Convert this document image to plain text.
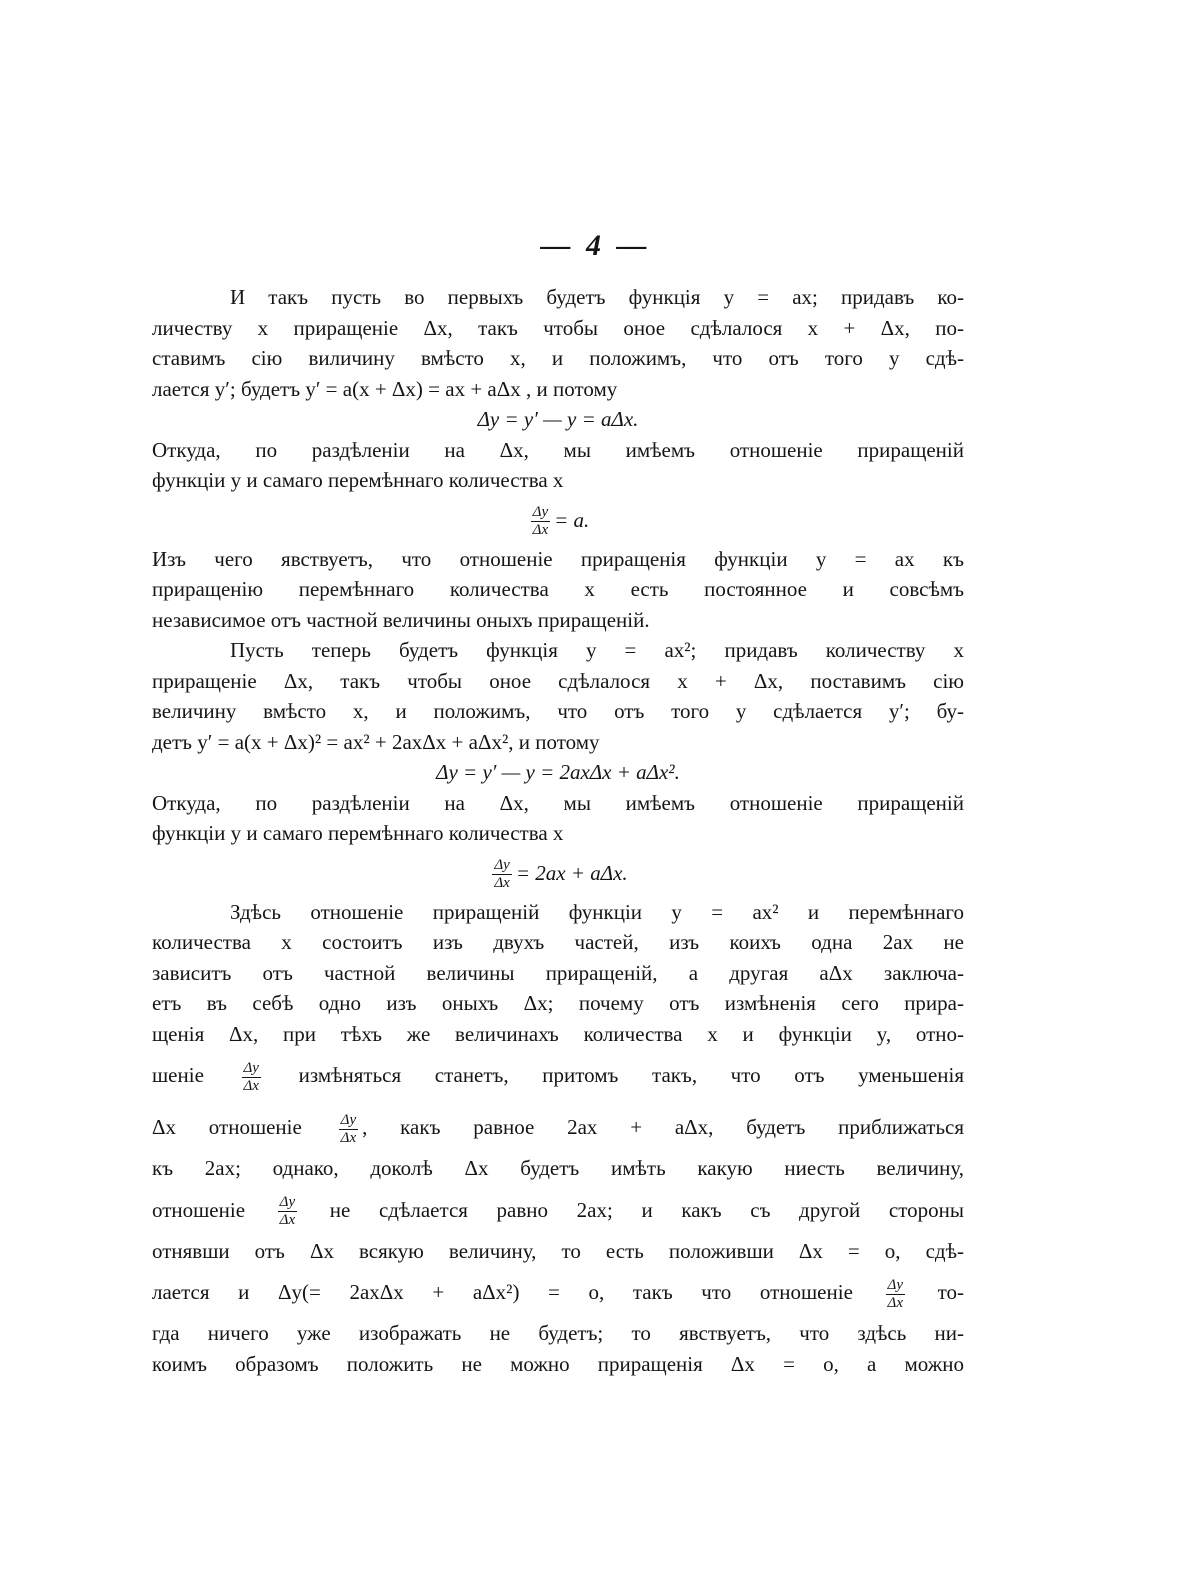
— 4 —

И такъ пусть во первыхъ будетъ функція y = ax; придавъ ко-
личеству x приращеніе Δx, такъ чтобы оное сдѣлалося x + Δx, по-
ставимъ сію виличину вмѣсто x, и положимъ, что отъ того y сдѣ-
лается y′; будетъ y′ = a(x + Δx) = ax + aΔx , и потому

Δy = y′ — y = aΔx.

Откуда, по раздѣленіи на Δx, мы имѣемъ отношеніе приращеній
функціи y и самаго перемѣннаго количества x

$\frac{\Delta y}{\Delta x} = a$.

Изъ чего явствуетъ, что отношеніе приращенія функціи y = ax къ
приращенію перемѣннаго количества x есть постоянное и совсѣмъ
независимое отъ частной величины оныхъ приращеній.

Пусть теперь будетъ функція y = ax²; придавъ количеству x
приращеніе Δx, такъ чтобы оное сдѣлалося x + Δx, поставимъ сію
величину вмѣсто x, и положимъ, что отъ того y сдѣлается y′; бу-
детъ y′ = a(x + Δx)² = ax² + 2axΔx + aΔx², и потому

Δy = y′ — y = 2axΔx + aΔx².

Откуда, по раздѣленіи на Δx, мы имѣемъ отношеніе приращеній
функціи y и самаго перемѣннаго количества x

$\frac{\Delta y}{\Delta x} = 2ax + a\Delta x$.

Здѣсь отношеніе приращеній функціи y = ax² и перемѣннаго
количества x состоитъ изъ двухъ частей, изъ коихъ одна 2ax не
зависитъ отъ частной величины приращеній, а другая aΔx заключа-
етъ въ себѣ одно изъ оныхъ Δx; почему отъ измѣненія сего прира-
щенія Δx, при тѣхъ же величинахъ количества x и функціи y, отно-
шеніе	$\frac{\Delta y}{\Delta x}$ измѣняться станетъ, притомъ такъ, что отъ уменьшенія
Δx отношеніе $\frac{\Delta y}{\Delta x}$ , какъ равное 2ax + aΔx, будетъ приближаться
къ 2ax; однако, доколѣ Δx будетъ имѣть какую ниесть величину,
отношеніе $\frac{\Delta y}{\Delta x}$ не сдѣлается равно 2ax; и какъ съ другой стороны
отнявши отъ Δx всякую величину, то есть положивши Δx = o, сдѣ-
лается и Δy(= 2axΔx + aΔx²) = o, такъ что отношеніе $\frac{\Delta y}{\Delta x} то-$
гда ничего уже изображать не будетъ; то явствуетъ, что здѣсь ни-
коимъ образомъ положить не можно приращенія Δx = o, а можно
